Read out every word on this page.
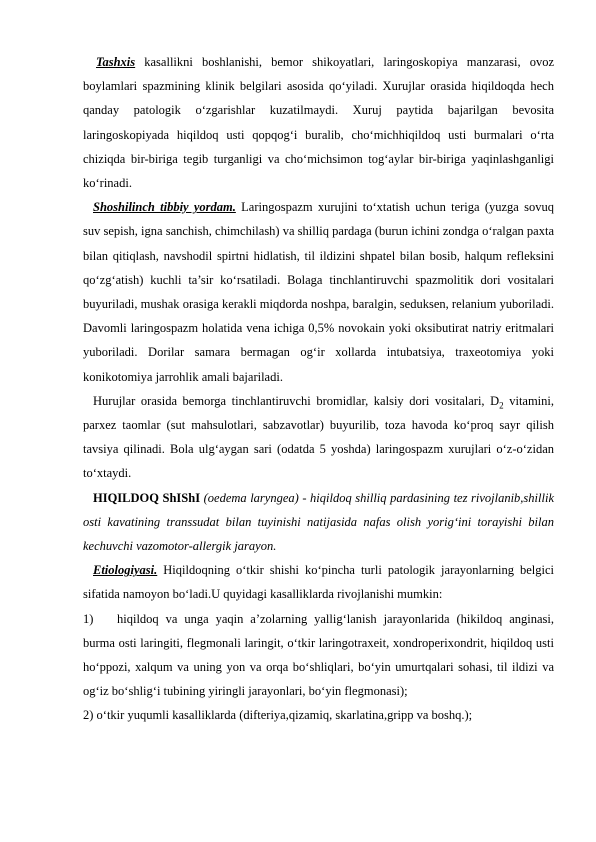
Tashxis kasallikni boshlanishi, bemor shikoyatlari, laringoskopiya manzarasi, ovoz boylamlari spazmining klinik belgilari asosida qo‘yiladi. Xurujlar orasida hiqildoqda hech qanday patologik o‘zgarishlar kuzatilmaydi. Xuruj paytida bajarilgan bevosita laringoskopiyada hiqildoq usti qopqog‘i buralib, cho‘michhiqildoq usti burmalari o‘rta chiziqda bir-biriga tegib turganligi va cho‘michsimon tog‘aylar bir-biriga yaqinlashganligi ko‘rinadi.

Shoshilinch tibbiy yordam. Laringospazm xurujini to‘xtatish uchun teriga (yuzga sovuq suv sepish, igna sanchish, chimchilash) va shilliq pardaga (burun ichini zondga o‘ralgan paxta bilan qitiqlash, navshodil spirtni hidlatish, til ildizini shpatel bilan bosib, halqum refleksini qo‘zg‘atish) kuchli ta’sir ko‘rsatiladi. Bolaga tinchlantiruvchi spazmolitik dori vositalari buyuriladi, mushak orasiga kerakli miqdorda noshpa, baralgin, seduksen, relanium yuboriladi. Davomli laringospazm holatida vena ichiga 0,5% novokain yoki oksibutirat natriy eritmalari yuboriladi. Dorilar samara bermagan og‘ir xollarda intubatsiya, traxeotomiya yoki konikotomiya jarrohlik amali bajariladi.

Hurujlar orasida bemorga tinchlantiruvchi bromidlar, kalsiy dori vositalari, $D_2$ vitamini, parxez taomlar (sut mahsulotlari, sabzavotlar) buyurilib, toza havoda ko‘proq sayr qilish tavsiya qilinadi. Bola ulg‘aygan sari (odatda 5 yoshda) laringospazm xurujlari o‘z-o‘zidan to‘xtaydi.

HIQILDOQ ShIShI (oedema laryngea) - hiqildoq shilliq pardasining tez rivojlanib,shillik osti kavatining transsudat bilan tuyinishi natijasida nafas olish yorig‘ini torayishi bilan kechuvchi vazomotor-allergik jarayon.

Etiologiyasi. Hiqildoqning o‘tkir shishi ko‘pincha turli patologik jarayonlarning belgici sifatida namoyon bo‘ladi.U quyidagi kasalliklarda rivojlanishi mumkin:

1) hiqildoq va unga yaqin a’zolarning yallig‘lanish jarayonlarida (hikildoq anginasi, burma osti laringiti, flegmonali laringit, o‘tkir laringotraxeit, xondroperixondrit, hiqildoq usti ho‘ppozi, xalqum va uning yon va orqa bo‘shliqlari, bo‘yin umurtqalari sohasi, til ildizi va og‘iz bo‘shlig‘i tubining yiringli jarayonlari, bo‘yin flegmonasi);

2) o‘tkir yuqumli kasalliklarda (difteriya,qizamiq, skarlatina,gripp va boshq.);
